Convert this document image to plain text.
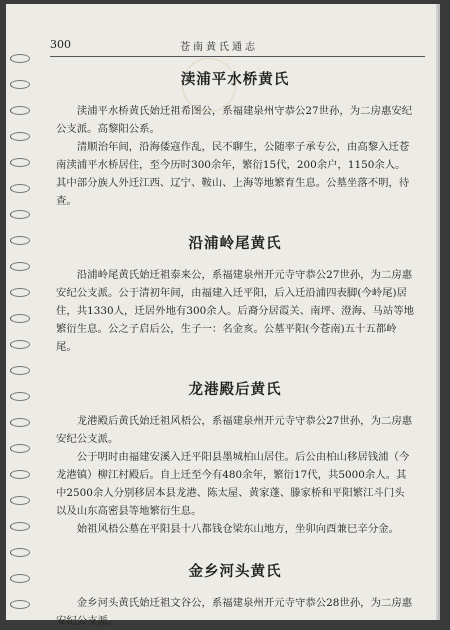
300	苍南黄氏通志
渎浦平水桥黄氏

渎浦平水桥黄氏始迁祖希图公，系福建泉州守恭公27世孙，为二房惠安纪公支派。高黎阳公系。

清顺治年间，沿海倭寇作乱，民不聊生，公随率子承专公，由高黎入迁苍南渎浦平水桥居住，至今历时300余年，繁衍15代，200余户，1150余人。其中部分族人外迁江西、辽宁、鞍山、上海等地繁育生息。公墓坐落不明，待查。

沿浦岭尾黄氏

沿浦岭尾黄氏始迁祖泰来公，系福建泉州开元寺守恭公27世孙，为二房惠安纪公支派。公于清初年间，由福建入迁平阳，后入迁沿浦四表脚(今岭尾)居住，共1330人，迁居外地有300余人。后裔分居霞关、南坪、澄海、马站等地繁衍生息。公之子启后公，生子一：名金亥。公墓平阳(今苍南)五十五都岭尾。

龙港殿后黄氏

龙港殿后黄氏始迁祖风梧公，系福建泉州开元寺守恭公27世孙，为二房惠安纪公支派。

公于明时由福建安溪入迁平阳县墨城柏山居住。后公由柏山移居钱浦（今龙港镇）柳江村殿后。自上迁至今有480余年，繁衍17代，共5000余人。其中2500余人分别移居本县龙港、陈太屋、黄家蓬、滕家桥和平阳繁江斗门头以及山东高密县等地繁衍生息。

始祖风梧公墓在平阳县十八都钱仓梁东山地方，坐卯向酉兼巳辛分金。

金乡河头黄氏

金乡河头黄氏始迁祖文谷公，系福建泉州开元寺守恭公28世孙，为二房惠安纪公支派。
